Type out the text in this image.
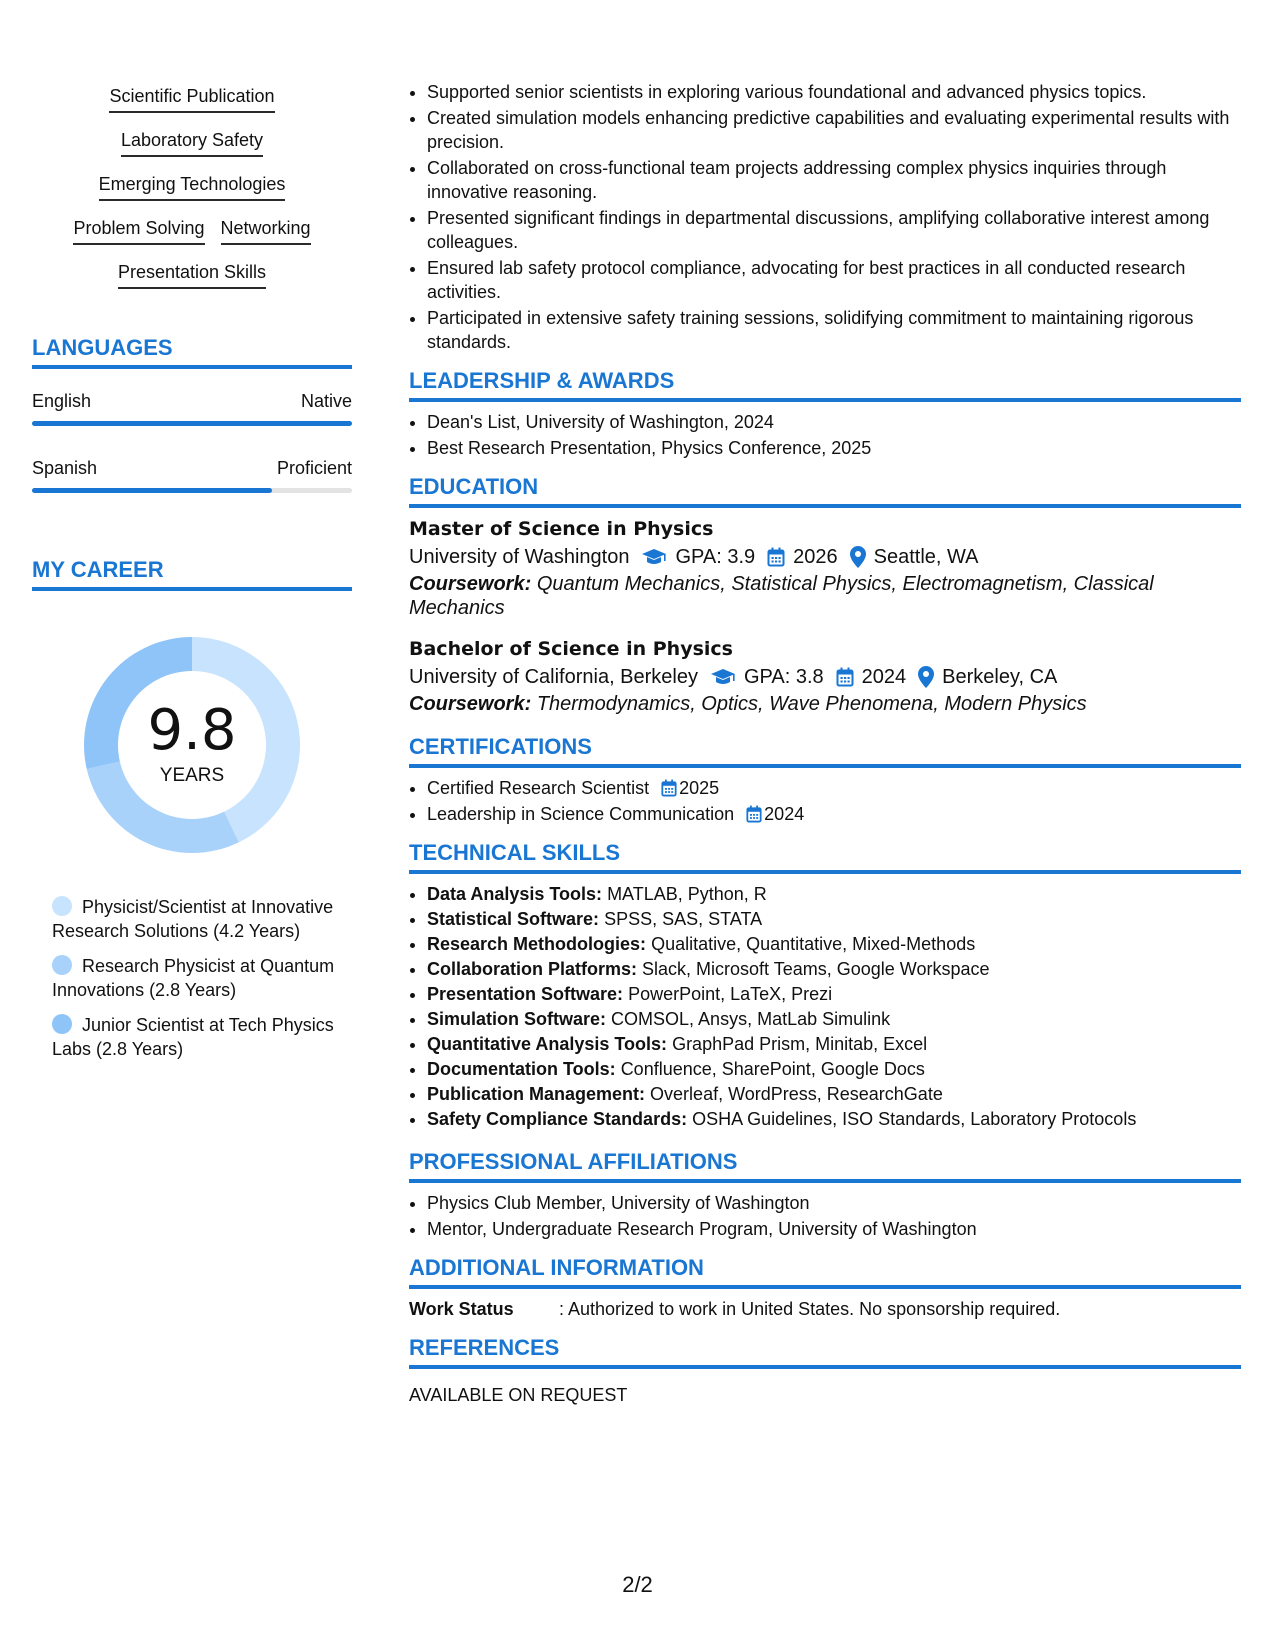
Scientific Publication
Laboratory Safety
Emerging Technologies
Problem Solving Networking
Presentation Skills
LANGUAGES
English	Native
Spanish	Proficient
MY CAREER
9.8
YEARS
Physicist/Scientist at Innovative Research Solutions (4.2 Years)
Research Physicist at Quantum Innovations (2.8 Years)
Junior Scientist at Tech Physics Labs (2.8 Years)
• Supported senior scientists in exploring various foundational and advanced physics topics.
• Created simulation models enhancing predictive capabilities and evaluating experimental results with precision.
• Collaborated on cross-functional team projects addressing complex physics inquiries through innovative reasoning.
• Presented significant findings in departmental discussions, amplifying collaborative interest among colleagues.
• Ensured lab safety protocol compliance, advocating for best practices in all conducted research activities.
• Participated in extensive safety training sessions, solidifying commitment to maintaining rigorous standards.
LEADERSHIP & AWARDS
• Dean's List, University of Washington, 2024
• Best Research Presentation, Physics Conference, 2025
EDUCATION
Master of Science in Physics
University of Washington GPA: 3.9 2026 Seattle, WA
Coursework: Quantum Mechanics, Statistical Physics, Electromagnetism, Classical Mechanics
Bachelor of Science in Physics
University of California, Berkeley GPA: 3.8 2024 Berkeley, CA
Coursework: Thermodynamics, Optics, Wave Phenomena, Modern Physics
CERTIFICATIONS
• Certified Research Scientist 2025
• Leadership in Science Communication 2024
TECHNICAL SKILLS
• Data Analysis Tools: MATLAB, Python, R
• Statistical Software: SPSS, SAS, STATA
• Research Methodologies: Qualitative, Quantitative, Mixed-Methods
• Collaboration Platforms: Slack, Microsoft Teams, Google Workspace
• Presentation Software: PowerPoint, LaTeX, Prezi
• Simulation Software: COMSOL, Ansys, MatLab Simulink
• Quantitative Analysis Tools: GraphPad Prism, Minitab, Excel
• Documentation Tools: Confluence, SharePoint, Google Docs
• Publication Management: Overleaf, WordPress, ResearchGate
• Safety Compliance Standards: OSHA Guidelines, ISO Standards, Laboratory Protocols
PROFESSIONAL AFFILIATIONS
• Physics Club Member, University of Washington
• Mentor, Undergraduate Research Program, University of Washington
ADDITIONAL INFORMATION
Work Status	: Authorized to work in United States. No sponsorship required.
REFERENCES
AVAILABLE ON REQUEST
2/2
